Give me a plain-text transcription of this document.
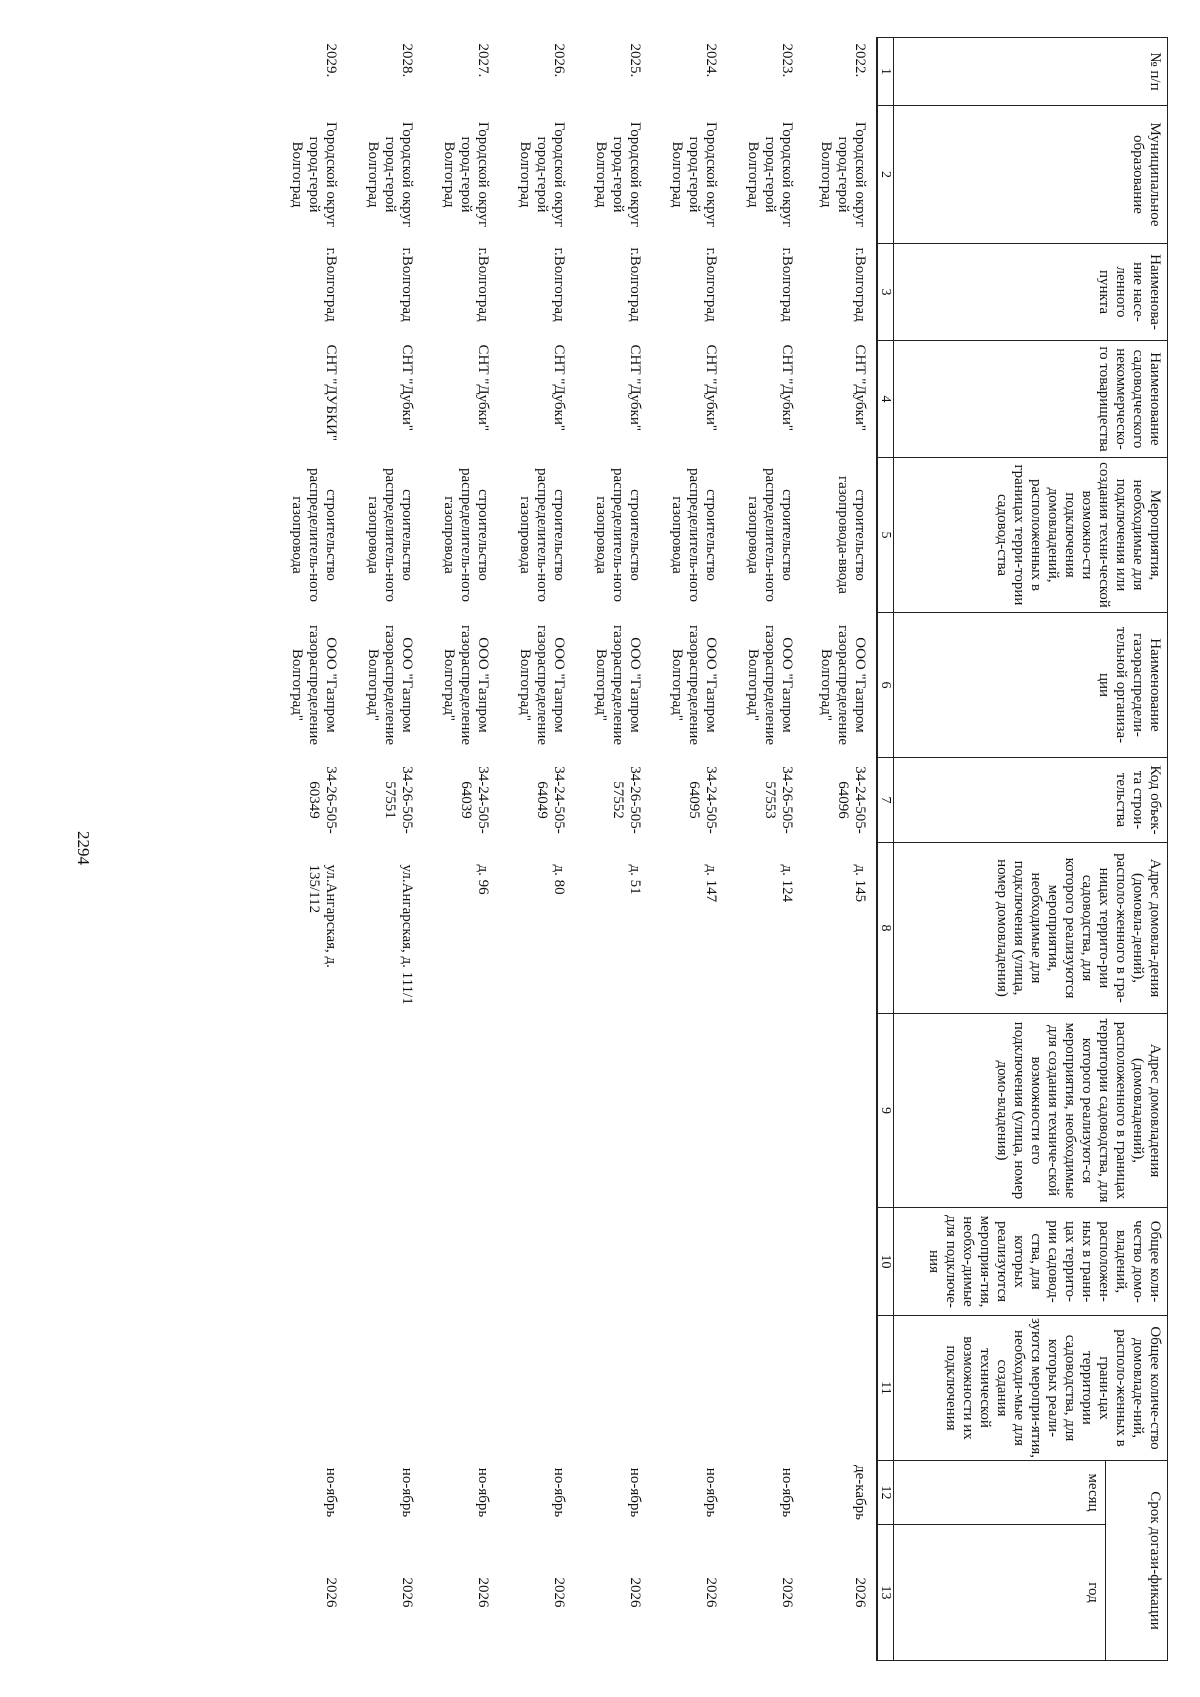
2294
№ п/п	Муниципальное образование	Наименова-ние насе-ленного пункта	Наименование садоводческого некоммерческо-го товарищества	Мероприятия, необходимые для подключения или создания техни-ческой возможно-сти подключения домовладений, расположенных в границах терри-тории садовод-ства	Наименование газораспредели-тельной организа-ции	Код объек-та строи-тельства	Адрес домовла-дения (домовла-дений), располо-женного в гра-ницах террито-рии садоводства, для которого реализуются мероприятия, необходимые для подключения (улица, номер домовладения)	Адрес домовладения (домовладений), расположенного в границах территории садоводства, для которого реализуют-ся мероприятия, необходимые для создания техниче-ской возможности его подключения (улица, номер домо-владения)	Общее коли-чество домо-владений, расположен-ных в грани-цах террито-рии садовод-ства, для которых реализуются мероприя-тия, необхо-димые для подключе-ния	Общее количе-ство домовладе-ний, располо-женных в грани-цах территории садоводства, для которых реали-зуются меропри-ятия, необходи-мые для создания технической возможности их подключения	Срок догази-фикации	
											месяц	год
1	2	3	4	5	6	7	8	9	10	11	12	13
2022.	Городской округ город-герой Волгоград	г.Волгоград	СНТ "Дубки"	строительство газопровода-ввода	ООО "Газпром газораспределение Волгоград"	34-24-505-64096	д. 145				де-кабрь	2026
2023.	Городской округ город-герой Волгоград	г.Волгоград	СНТ "Дубки"	строительство распределитель-ного газопровода	ООО "Газпром газораспределение Волгоград"	34-26-505-57553	д. 124				но-ябрь	2026
2024.	Городской округ город-герой Волгоград	г.Волгоград	СНТ "Дубки"	строительство распределитель-ного газопровода	ООО "Газпром газораспределение Волгоград"	34-24-505-64095	д. 147				но-ябрь	2026
2025.	Городской округ город-герой Волгоград	г.Волгоград	СНТ "Дубки"	строительство распределитель-ного газопровода	ООО "Газпром газораспределение Волгоград"	34-26-505-57552	д. 51				но-ябрь	2026
2026.	Городской округ город-герой Волгоград	г.Волгоград	СНТ "Дубки"	строительство распределитель-ного газопровода	ООО "Газпром газораспределение Волгоград"	34-24-505-64049	д. 80				но-ябрь	2026
2027.	Городской округ город-герой Волгоград	г.Волгоград	СНТ "Дубки"	строительство распределитель-ного газопровода	ООО "Газпром газораспределение Волгоград"	34-24-505-64039	д. 96				но-ябрь	2026
2028.	Городской округ город-герой Волгоград	г.Волгоград	СНТ "Дубки"	строительство распределитель-ного газопровода	ООО "Газпром газораспределение Волгоград"	34-26-505-57551	ул.Ангарская, д. 111/1				но-ябрь	2026
2029.	Городской округ город-герой Волгоград	г.Волгоград	СНТ "ДУБКИ"	строительство распределитель-ного газопровода	ООО "Газпром газораспределение Волгоград"	34-26-505-60349	ул.Ангарская, д. 135/112				но-ябрь	2026
